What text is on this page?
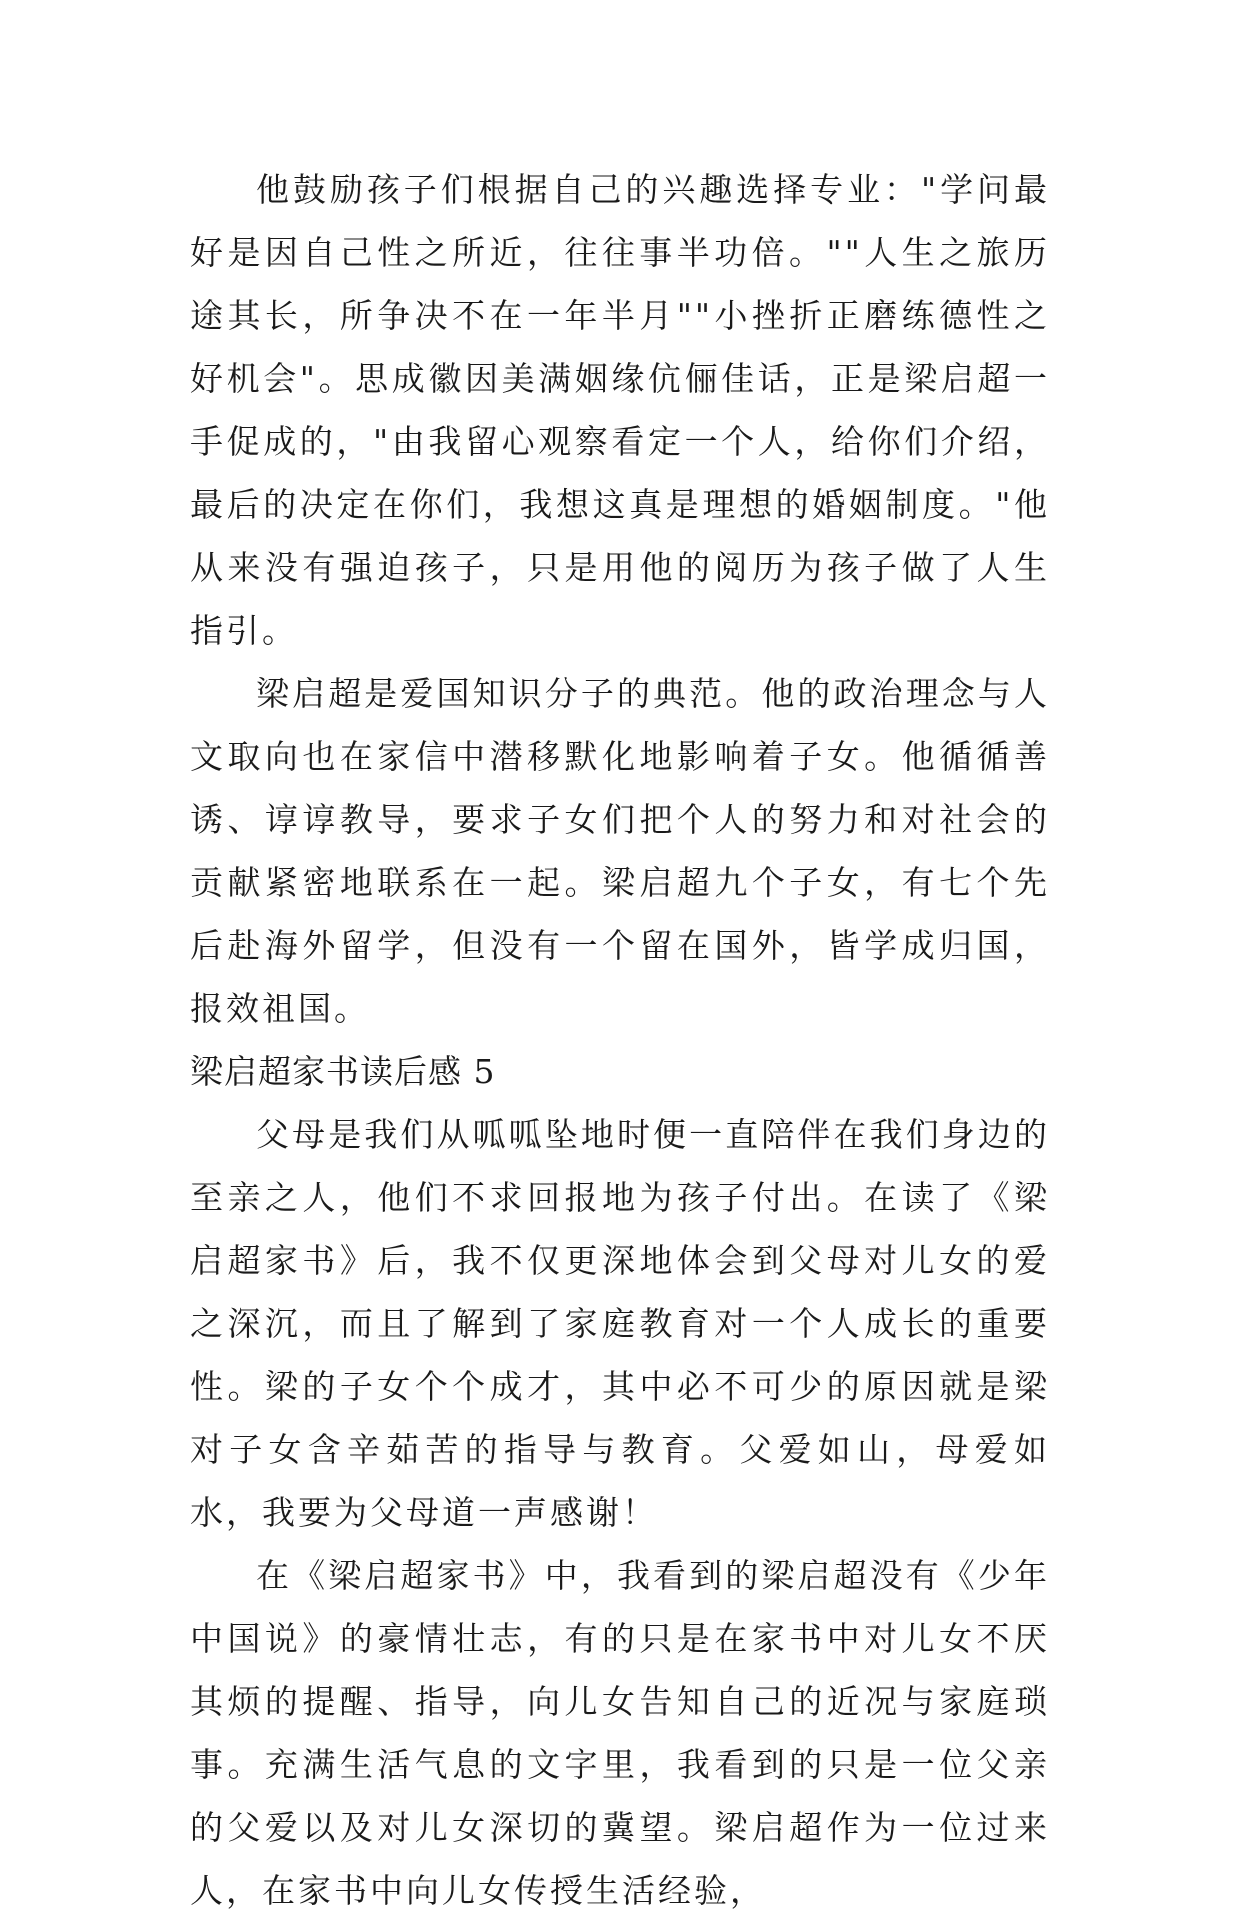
他鼓励孩子们根据自己的兴趣选择专业："学问最好是因自己性之所近，往往事半功倍。""人生之旅历途其长，所争决不在一年半月""小挫折正磨练德性之好机会"。思成徽因美满姻缘伉俪佳话，正是梁启超一手促成的，"由我留心观察看定一个人，给你们介绍，最后的决定在你们，我想这真是理想的婚姻制度。"他从来没有强迫孩子，只是用他的阅历为孩子做了人生指引。

梁启超是爱国知识分子的典范。他的政治理念与人文取向也在家信中潜移默化地影响着子女。他循循善诱、谆谆教导，要求子女们把个人的努力和对社会的贡献紧密地联系在一起。梁启超九个子女，有七个先后赴海外留学，但没有一个留在国外，皆学成归国，报效祖国。

梁启超家书读后感 5

父母是我们从呱呱坠地时便一直陪伴在我们身边的至亲之人，他们不求回报地为孩子付出。在读了《梁启超家书》后，我不仅更深地体会到父母对儿女的爱之深沉，而且了解到了家庭教育对一个人成长的重要性。梁的子女个个成才，其中必不可少的原因就是梁对子女含辛茹苦的指导与教育。父爱如山，母爱如水，我要为父母道一声感谢！

在《梁启超家书》中，我看到的梁启超没有《少年中国说》的豪情壮志，有的只是在家书中对儿女不厌其烦的提醒、指导，向儿女告知自己的近况与家庭琐事。充满生活气息的文字里，我看到的只是一位父亲的父爱以及对儿女深切的冀望。梁启超作为一位过来人，在家书中向儿女传授生活经验，
